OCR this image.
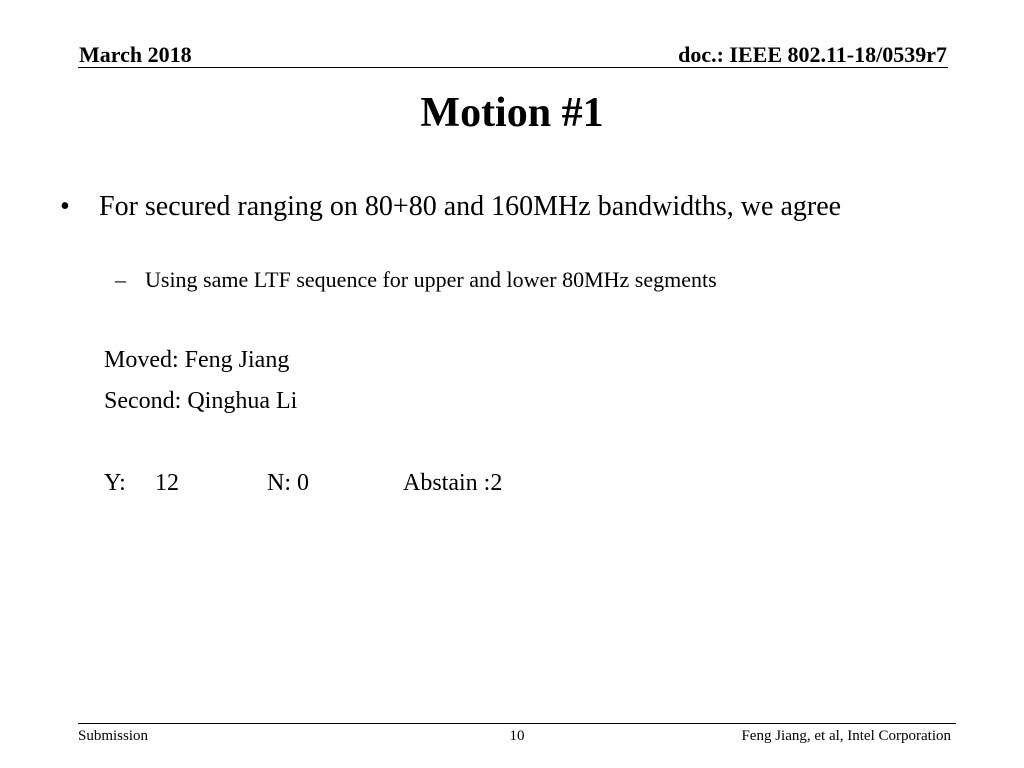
March 2018	doc.: IEEE 802.11-18/0539r7
Motion #1
•	For secured ranging on 80+80 and 160MHz bandwidths, we agree
– Using same LTF sequence for upper and lower 80MHz segments
Moved: Feng Jiang
Second: Qinghua Li
Y: 12	N: 0	Abstain :2
Submission	10	Feng Jiang, et al, Intel Corporation
